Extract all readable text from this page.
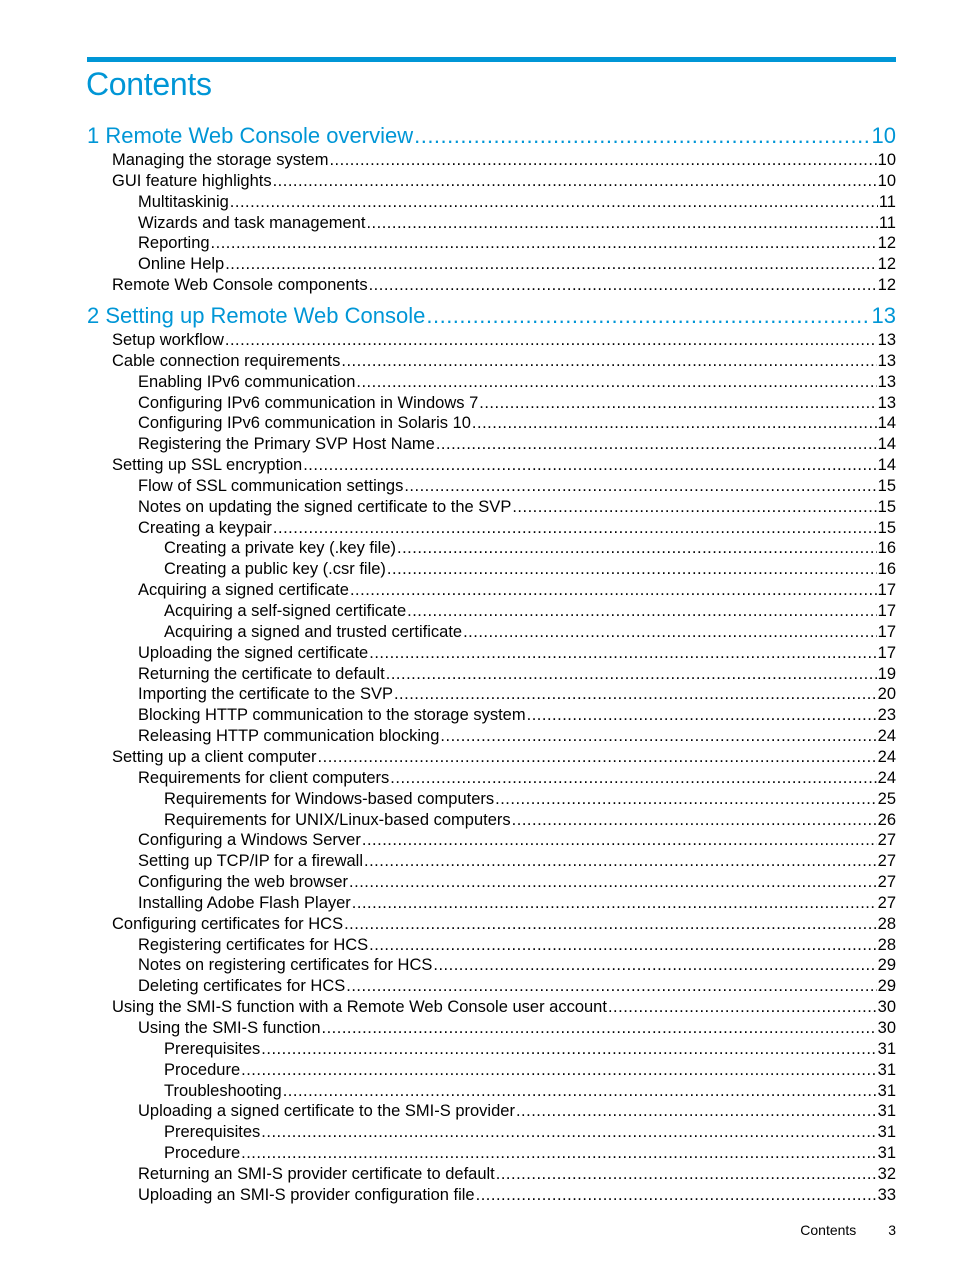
Contents
1 Remote Web Console overview .....	10
Managing the storage system .....	10
GUI feature highlights .....	10
Multitaskinig .....	11
Wizards and task management .....	11
Reporting .....	12
Online Help .....	12
Remote Web Console components .....	12
2 Setting up Remote Web Console .....	13
Setup workflow .....	13
Cable connection requirements .....	13
Enabling IPv6 communication .....	13
Configuring IPv6 communication in Windows 7 .....	13
Configuring IPv6 communication in Solaris 10 .....	14
Registering the Primary SVP Host Name .....	14
Setting up SSL encryption .....	14
Flow of SSL communication settings .....	15
Notes on updating the signed certificate to the SVP .....	15
Creating a keypair .....	15
Creating a private key (.key file) .....	16
Creating a public key (.csr file) .....	16
Acquiring a signed certificate .....	17
Acquiring a self-signed certificate .....	17
Acquiring a signed and trusted certificate .....	17
Uploading the signed certificate .....	17
Returning the certificate to default .....	19
Importing the certificate to the SVP .....	20
Blocking HTTP communication to the storage system .....	23
Releasing HTTP communication blocking .....	24
Setting up a client computer .....	24
Requirements for client computers .....	24
Requirements for Windows-based computers .....	25
Requirements for UNIX/Linux-based computers .....	26
Configuring a Windows Server .....	27
Setting up TCP/IP for a firewall .....	27
Configuring the web browser .....	27
Installing Adobe Flash Player .....	27
Configuring certificates for HCS .....	28
Registering certificates for HCS .....	28
Notes on registering certificates for HCS .....	29
Deleting certificates for HCS .....	29
Using the SMI-S function with a Remote Web Console user account .....	30
Using the SMI-S function .....	30
Prerequisites .....	31
Procedure .....	31
Troubleshooting .....	31
Uploading a signed certificate to the SMI-S provider .....	31
Prerequisites .....	31
Procedure .....	31
Returning an SMI-S provider certificate to default .....	32
Uploading an SMI-S provider configuration file .....	33
Contents 3
